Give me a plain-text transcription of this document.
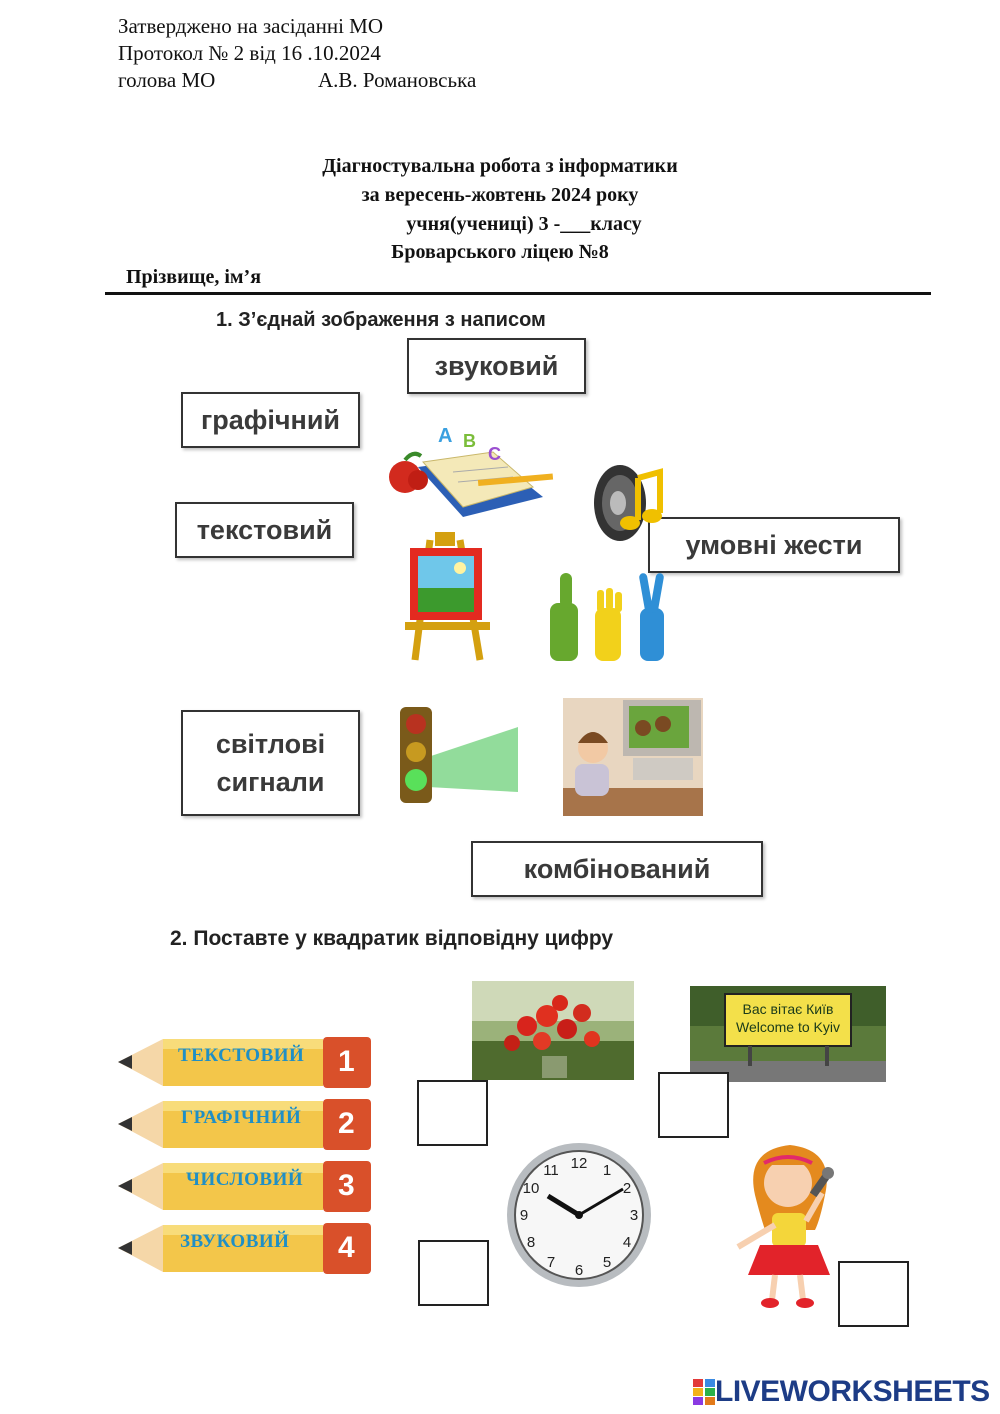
Затверджено на засіданні МО
Протокол № 2 від 16 .10.2024
голова МО	А.В. Романовська
Діагностувальна робота з інформатики
за вересень-жовтень 2024 року
учня(учениці) 3 -___класу
Броварського ліцею №8
Прізвище, ім’я
1. З’єднай зображення з написом
звуковий
графічний
текстовий	умовні жести
світлові
сигнали
комбінований
A B
C
2. Поставте у квадратик відповідну цифру
ТЕКСТОВИЙ 1
ГРАФІЧНИЙ 2
ЧИСЛОВИЙ 3
ЗВУКОВИЙ 4
Вас вітає Київ
Welcome to Kyiv
12 1
2
3
4
5
6
7
8
9
10
11
LIVEWORKSHEETS
